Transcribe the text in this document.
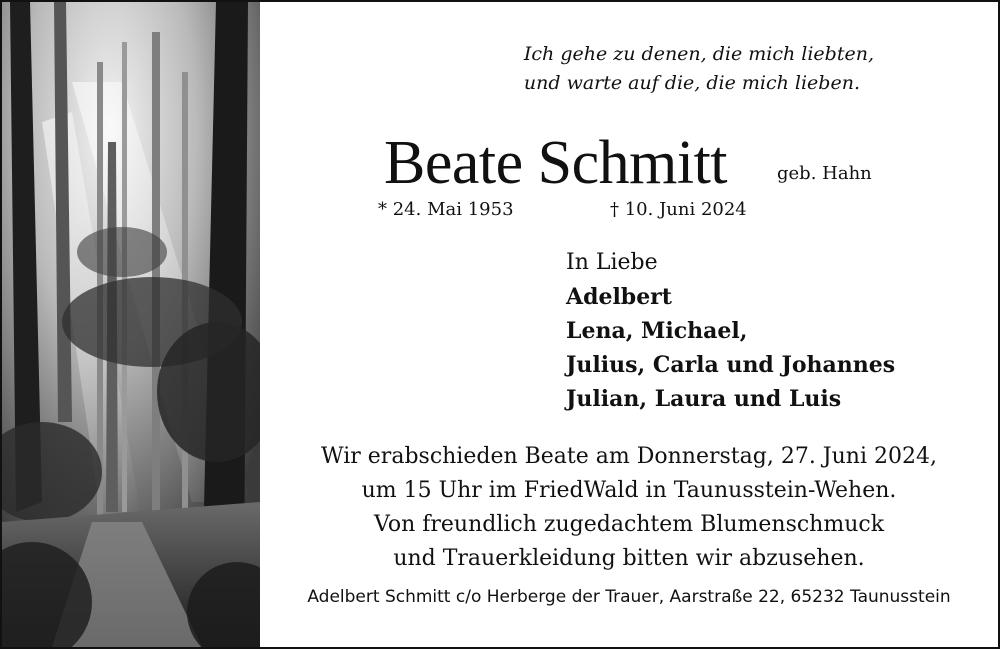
Ich gehe zu denen, die mich liebten,
und warte auf die, die mich lieben.
Beate Schmitt	geb. Hahn
* 24. Mai 1953	† 10. Juni 2024
In Liebe
Adelbert
Lena, Michael,
Julius, Carla und Johannes
Julian, Laura und Luis
Wir erabschieden Beate am Donnerstag, 27. Juni 2024,
um 15 Uhr im FriedWald in Taunusstein-Wehen.
Von freundlich zugedachtem Blumenschmuck
und Trauerkleidung bitten wir abzusehen.
Adelbert Schmitt c/o Herberge der Trauer, Aarstraße 22, 65232 Taunusstein
